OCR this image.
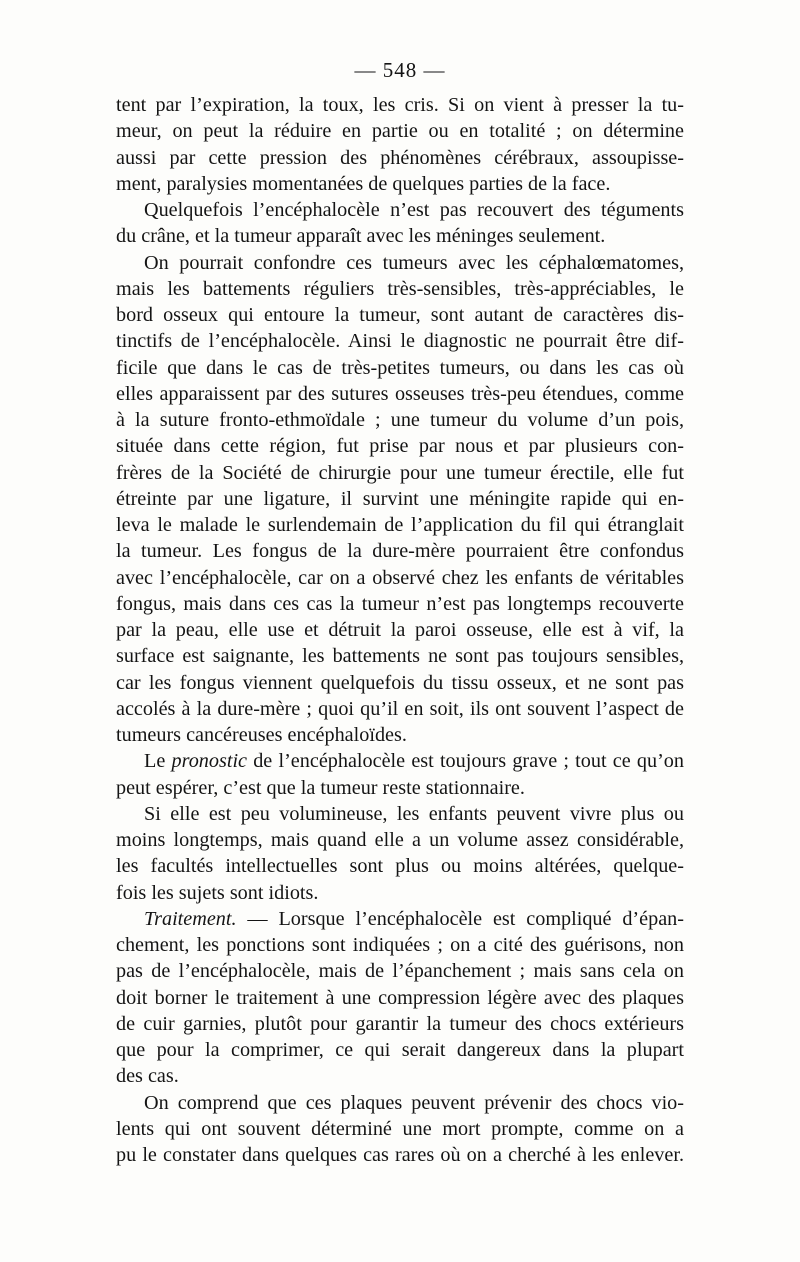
— 548 —
tent par l’expiration, la toux, les cris. Si on vient à presser la tu-
meur, on peut la réduire en partie ou en totalité ; on détermine
aussi par cette pression des phénomènes cérébraux, assoupisse-
ment, paralysies momentanées de quelques parties de la face.
Quelquefois l’encéphalocèle n’est pas recouvert des téguments
du crâne, et la tumeur apparaît avec les méninges seulement.
On pourrait confondre ces tumeurs avec les céphalœmatomes,
mais les battements réguliers très-sensibles, très-appréciables, le
bord osseux qui entoure la tumeur, sont autant de caractères dis-
tinctifs de l’encéphalocèle. Ainsi le diagnostic ne pourrait être dif-
ficile que dans le cas de très-petites tumeurs, ou dans les cas où
elles apparaissent par des sutures osseuses très-peu étendues, comme
à la suture fronto-ethmoïdale ; une tumeur du volume d’un pois,
située dans cette région, fut prise par nous et par plusieurs con-
frères de la Société de chirurgie pour une tumeur érectile, elle fut
étreinte par une ligature, il survint une méningite rapide qui en-
leva le malade le surlendemain de l’application du fil qui étranglait
la tumeur. Les fongus de la dure-mère pourraient être confondus
avec l’encéphalocèle, car on a observé chez les enfants de véritables
fongus, mais dans ces cas la tumeur n’est pas longtemps recouverte
par la peau, elle use et détruit la paroi osseuse, elle est à vif, la
surface est saignante, les battements ne sont pas toujours sensibles,
car les fongus viennent quelquefois du tissu osseux, et ne sont pas
accolés à la dure-mère ; quoi qu’il en soit, ils ont souvent l’aspect de
tumeurs cancéreuses encéphaloïdes.
Le pronostic de l’encéphalocèle est toujours grave ; tout ce qu’on
peut espérer, c’est que la tumeur reste stationnaire.
Si elle est peu volumineuse, les enfants peuvent vivre plus ou
moins longtemps, mais quand elle a un volume assez considérable,
les facultés intellectuelles sont plus ou moins altérées, quelque-
fois les sujets sont idiots.
Traitement. — Lorsque l’encéphalocèle est compliqué d’épan-
chement, les ponctions sont indiquées ; on a cité des guérisons, non
pas de l’encéphalocèle, mais de l’épanchement ; mais sans cela on
doit borner le traitement à une compression légère avec des plaques
de cuir garnies, plutôt pour garantir la tumeur des chocs extérieurs
que pour la comprimer, ce qui serait dangereux dans la plupart
des cas.
On comprend que ces plaques peuvent prévenir des chocs vio-
lents qui ont souvent déterminé une mort prompte, comme on a
pu le constater dans quelques cas rares où on a cherché à les enlever.
